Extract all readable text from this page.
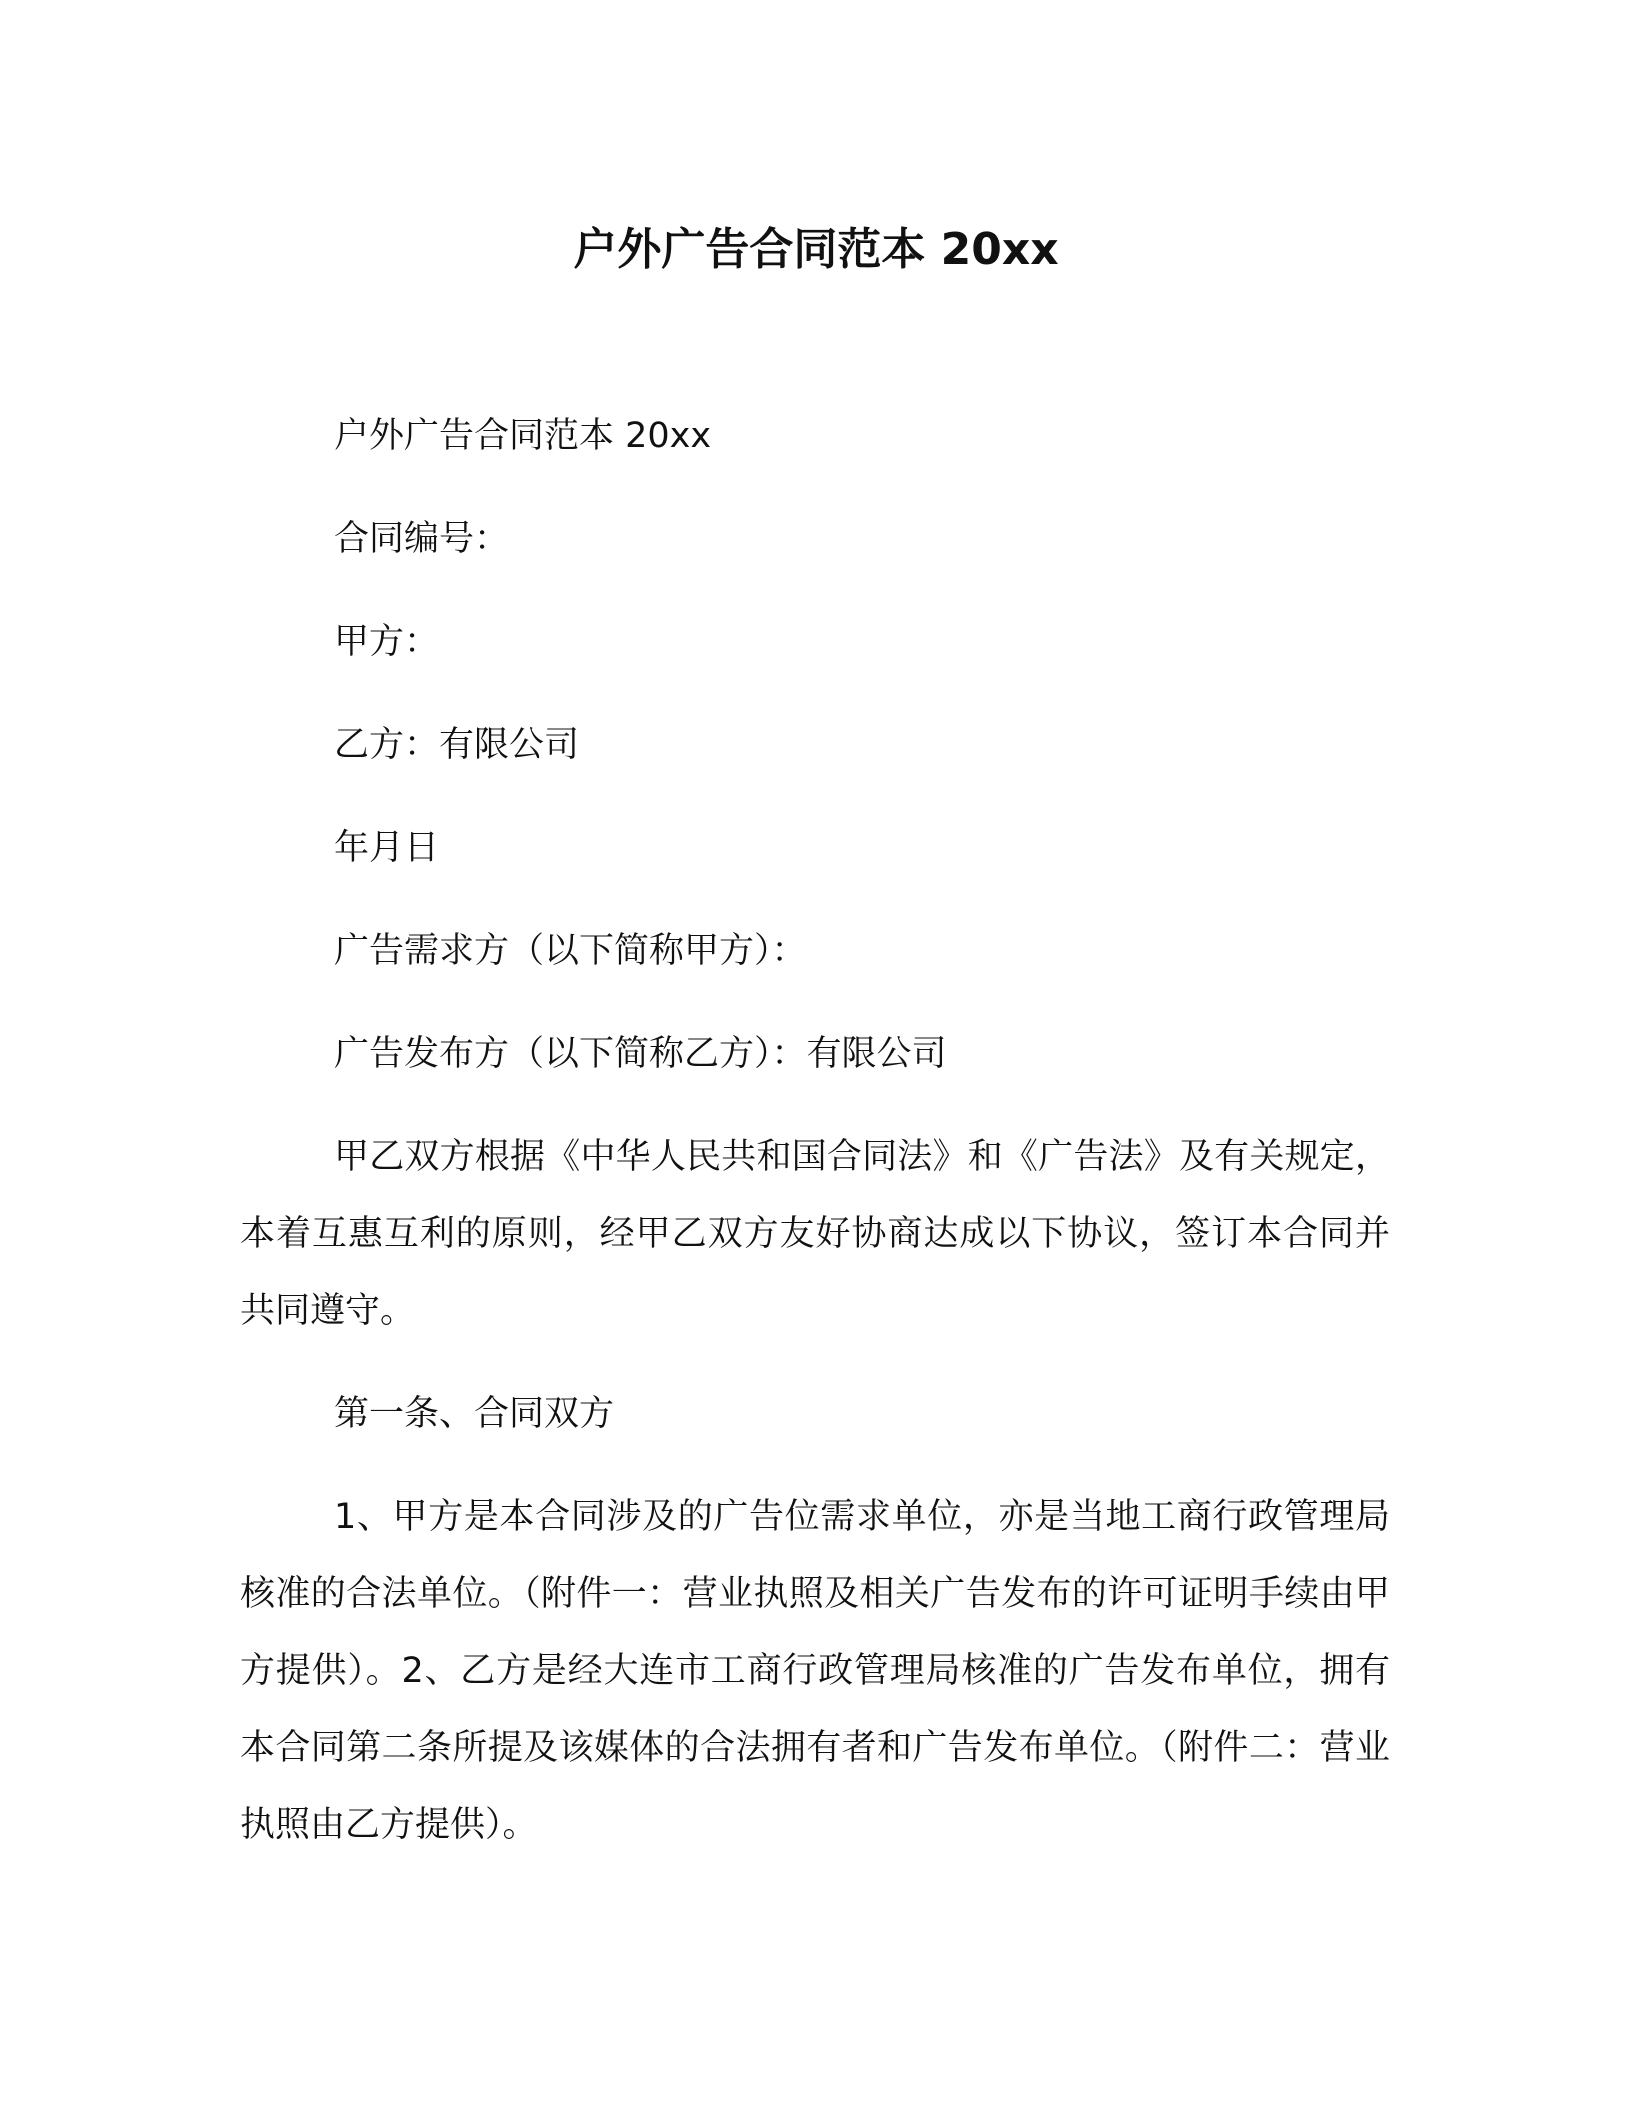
户外广告合同范本 20xx
户外广告合同范本 20xx
合同编号：
甲方：
乙方：有限公司
年月日
广告需求方（以下简称甲方）：
广告发布方（以下简称乙方）：有限公司
甲乙双方根据《中华人民共和国合同法》和《广告法》及有关规定，本着互惠互利的原则，经甲乙双方友好协商达成以下协议，签订本合同并共同遵守。
第一条、合同双方
1、甲方是本合同涉及的广告位需求单位，亦是当地工商行政管理局核准的合法单位。（附件一：营业执照及相关广告发布的许可证明手续由甲方提供）。2、乙方是经大连市工商行政管理局核准的广告发布单位，拥有本合同第二条所提及该媒体的合法拥有者和广告发布单位。（附件二：营业执照由乙方提供）。
